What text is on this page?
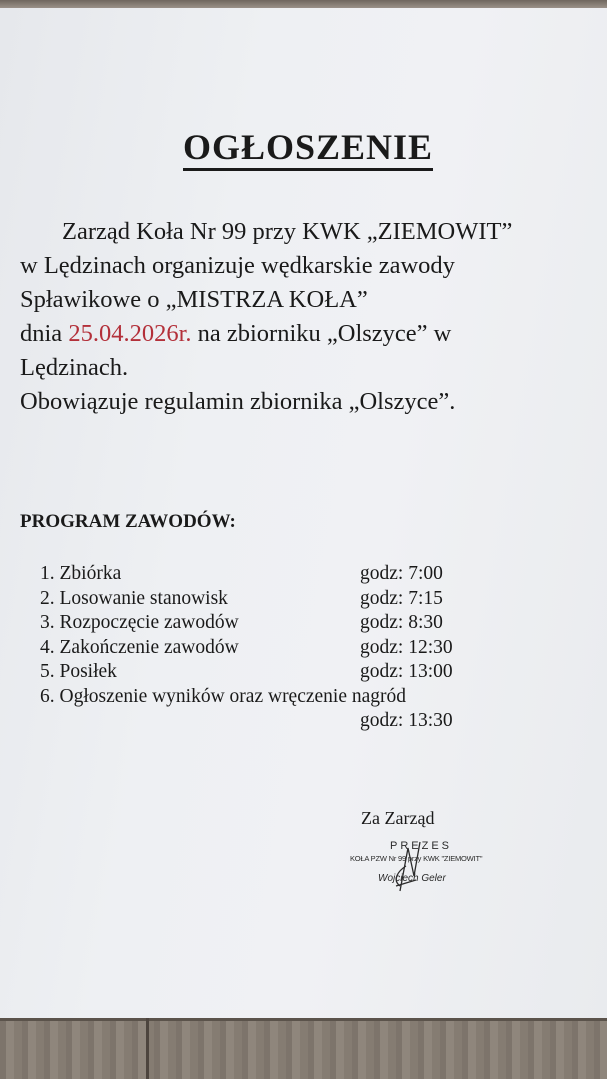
OGŁOSZENIE
Zarząd Koła Nr 99 przy KWK „ZIEMOWIT”
w Lędzinach organizuje wędkarskie zawody
Spławikowe o „MISTRZA KOŁA”
dnia 25.04.2026r. na zbiorniku „Olszyce” w
Lędzinach.
Obowiązuje regulamin zbiornika „Olszyce”.
PROGRAM ZAWODÓW:
1. Zbiórka	godz: 7:00
2. Losowanie stanowisk	godz: 7:15
3. Rozpoczęcie zawodów	godz: 8:30
4. Zakończenie zawodów	godz: 12:30
5. Posiłek	godz: 13:00
6. Ogłoszenie wyników oraz wręczenie nagród
godz: 13:30
Za Zarząd
PREZES
KOŁA PZW Nr 99 przy KWK "ZIEMOWIT"
Wojciech Geler
